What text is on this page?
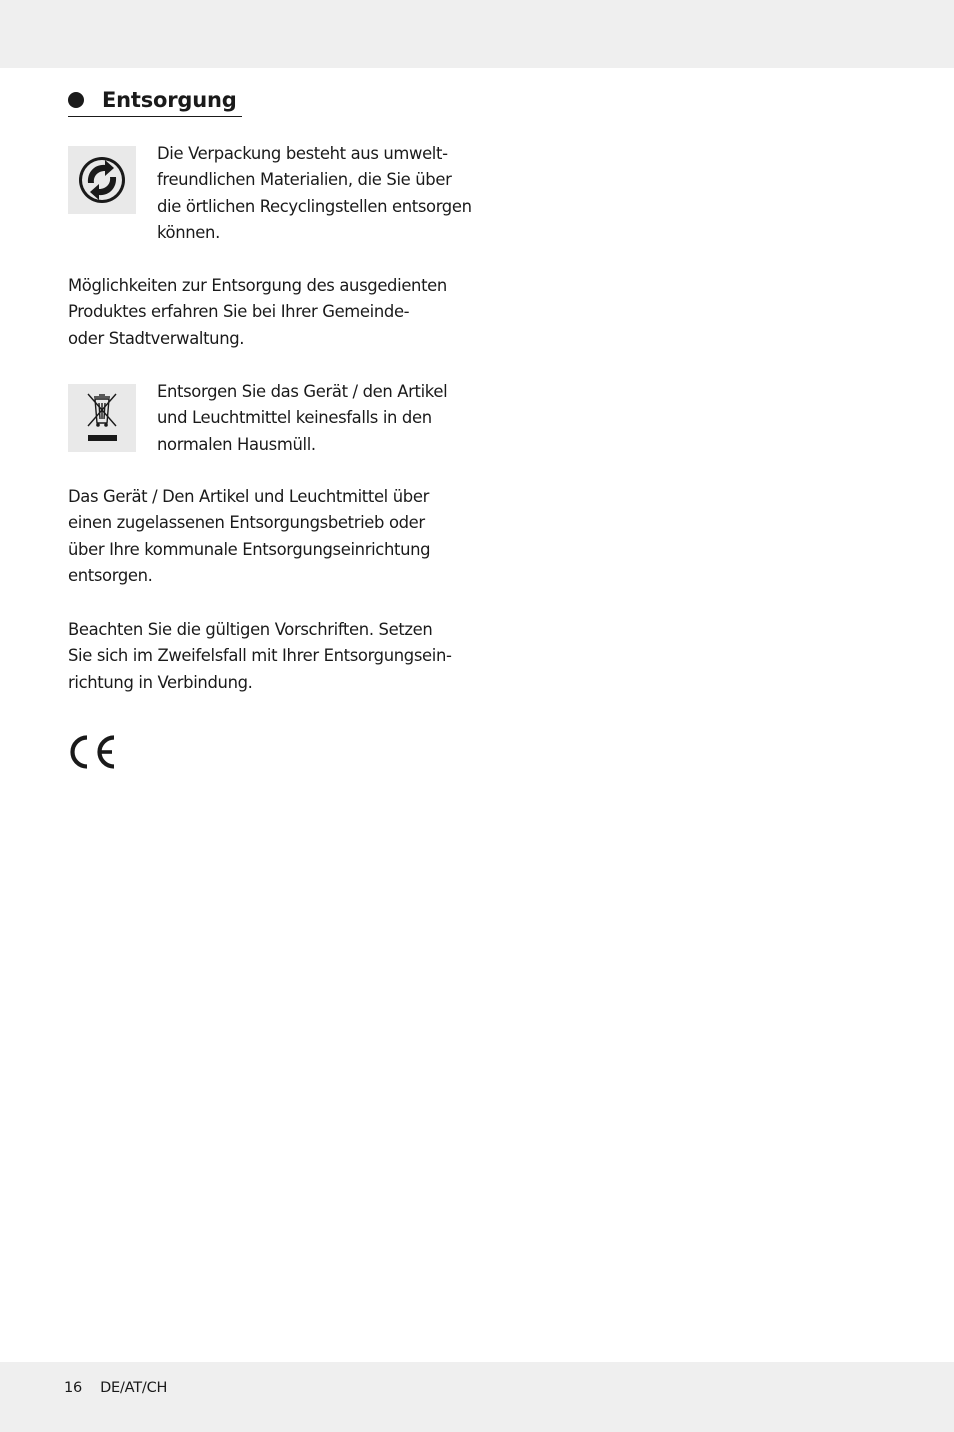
Entsorgung
Die Verpackung besteht aus umwelt-
freundlichen Materialien, die Sie über
die örtlichen Recyclingstellen entsorgen
können.
Möglichkeiten zur Entsorgung des ausgedienten
Produktes erfahren Sie bei Ihrer Gemeinde-
oder Stadtverwaltung.
Entsorgen Sie das Gerät / den Artikel
und Leuchtmittel keinesfalls in den
normalen Hausmüll.
Das Gerät / Den Artikel und Leuchtmittel über
einen zugelassenen Entsorgungsbetrieb oder
über Ihre kommunale Entsorgungseinrichtung
entsorgen.
Beachten Sie die gültigen Vorschriften. Setzen
Sie sich im Zweifelsfall mit Ihrer Entsorgungsein-
richtung in Verbindung.
16 DE/AT/CH
